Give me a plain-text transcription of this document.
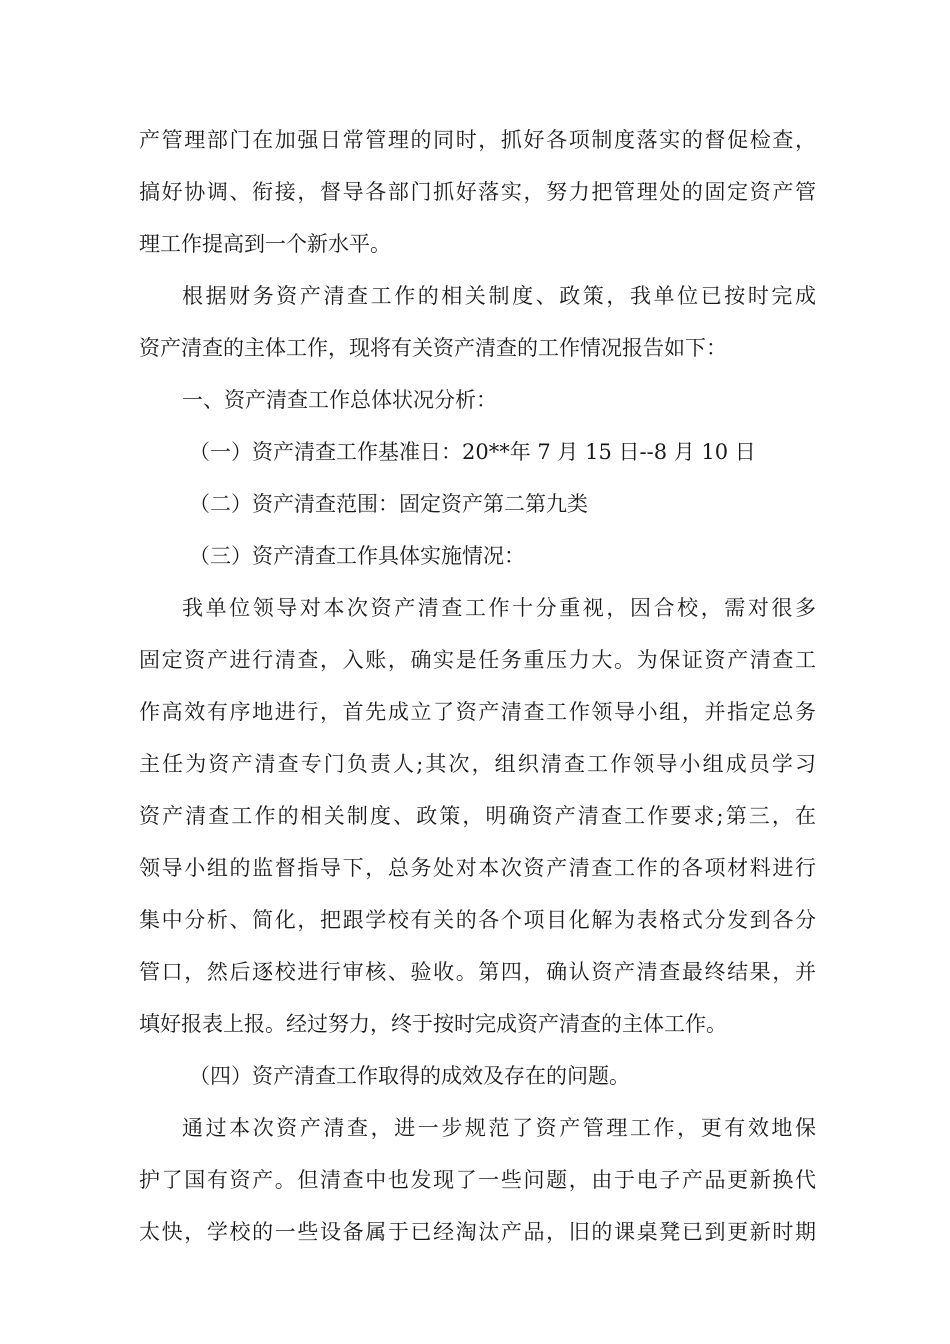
产管理部门在加强日常管理的同时，抓好各项制度落实的督促检查，
搞好协调、衔接，督导各部门抓好落实，努力把管理处的固定资产管
理工作提高到一个新水平。
根据财务资产清查工作的相关制度、政策，我单位已按时完成
资产清查的主体工作，现将有关资产清查的工作情况报告如下：
一、资产清查工作总体状况分析：
（一）资产清查工作基准日：20**年 7 月 15 日--8 月 10 日
（二）资产清查范围：固定资产第二第九类
（三）资产清查工作具体实施情况：
我单位领导对本次资产清查工作十分重视，因合校，需对很多
固定资产进行清查，入账，确实是任务重压力大。为保证资产清查工
作高效有序地进行，首先成立了资产清查工作领导小组，并指定总务
主任为资产清查专门负责人;其次，组织清查工作领导小组成员学习
资产清查工作的相关制度、政策，明确资产清查工作要求;第三，在
领导小组的监督指导下，总务处对本次资产清查工作的各项材料进行
集中分析、简化，把跟学校有关的各个项目化解为表格式分发到各分
管口，然后逐校进行审核、验收。第四，确认资产清查最终结果，并
填好报表上报。经过努力，终于按时完成资产清查的主体工作。
（四）资产清查工作取得的成效及存在的问题。
通过本次资产清查，进一步规范了资产管理工作，更有效地保
护了国有资产。但清查中也发现了一些问题，由于电子产品更新换代
太快，学校的一些设备属于已经淘汰产品，旧的课桌凳已到更新时期
